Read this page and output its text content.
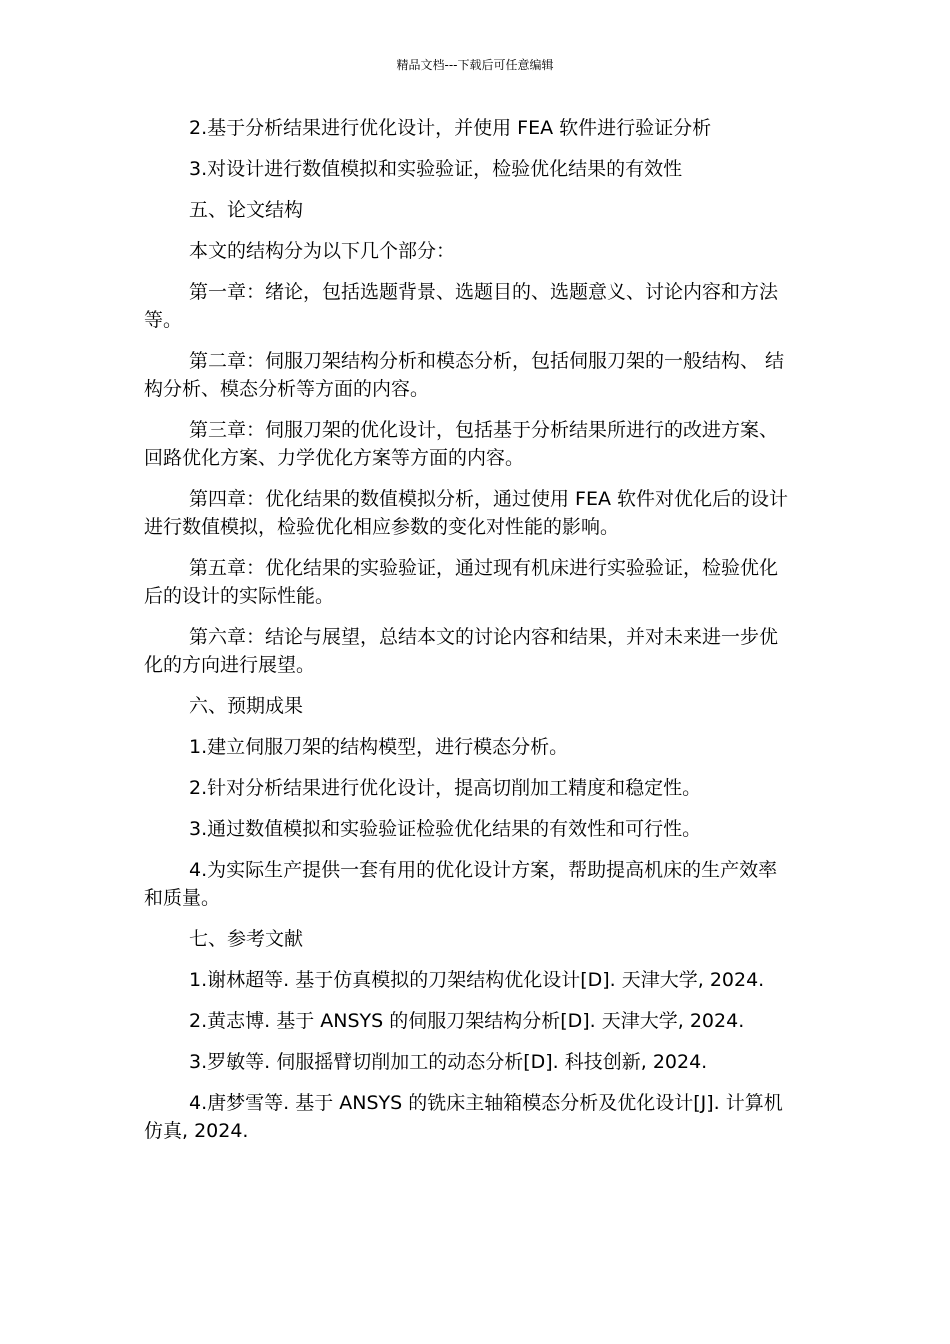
精品文档---下载后可任意编辑

2.基于分析结果进行优化设计，并使用 FEA 软件进行验证分析

3.对设计进行数值模拟和实验验证，检验优化结果的有效性

五、论文结构

本文的结构分为以下几个部分：

第一章：绪论，包括选题背景、选题目的、选题意义、讨论内容和方法等。

第二章：伺服刀架结构分析和模态分析，包括伺服刀架的一般结构、 结构分析、模态分析等方面的内容。

第三章：伺服刀架的优化设计，包括基于分析结果所进行的改进方案、 回路优化方案、力学优化方案等方面的内容。

第四章：优化结果的数值模拟分析，通过使用 FEA 软件对优化后的设计进行数值模拟，检验优化相应参数的变化对性能的影响。

第五章：优化结果的实验验证，通过现有机床进行实验验证，检验优化后的设计的实际性能。

第六章：结论与展望，总结本文的讨论内容和结果，并对未来进一步优化的方向进行展望。

六、预期成果

1.建立伺服刀架的结构模型，进行模态分析。

2.针对分析结果进行优化设计，提高切削加工精度和稳定性。

3.通过数值模拟和实验验证检验优化结果的有效性和可行性。

4.为实际生产提供一套有用的优化设计方案，帮助提高机床的生产效率和质量。

七、参考文献

1.谢林超等. 基于仿真模拟的刀架结构优化设计[D]. 天津大学, 2024.

2.黄志博. 基于 ANSYS 的伺服刀架结构分析[D]. 天津大学, 2024.

3.罗敏等. 伺服摇臂切削加工的动态分析[D]. 科技创新, 2024.

4.唐梦雪等. 基于 ANSYS 的铣床主轴箱模态分析及优化设计[J]. 计算机仿真, 2024.
